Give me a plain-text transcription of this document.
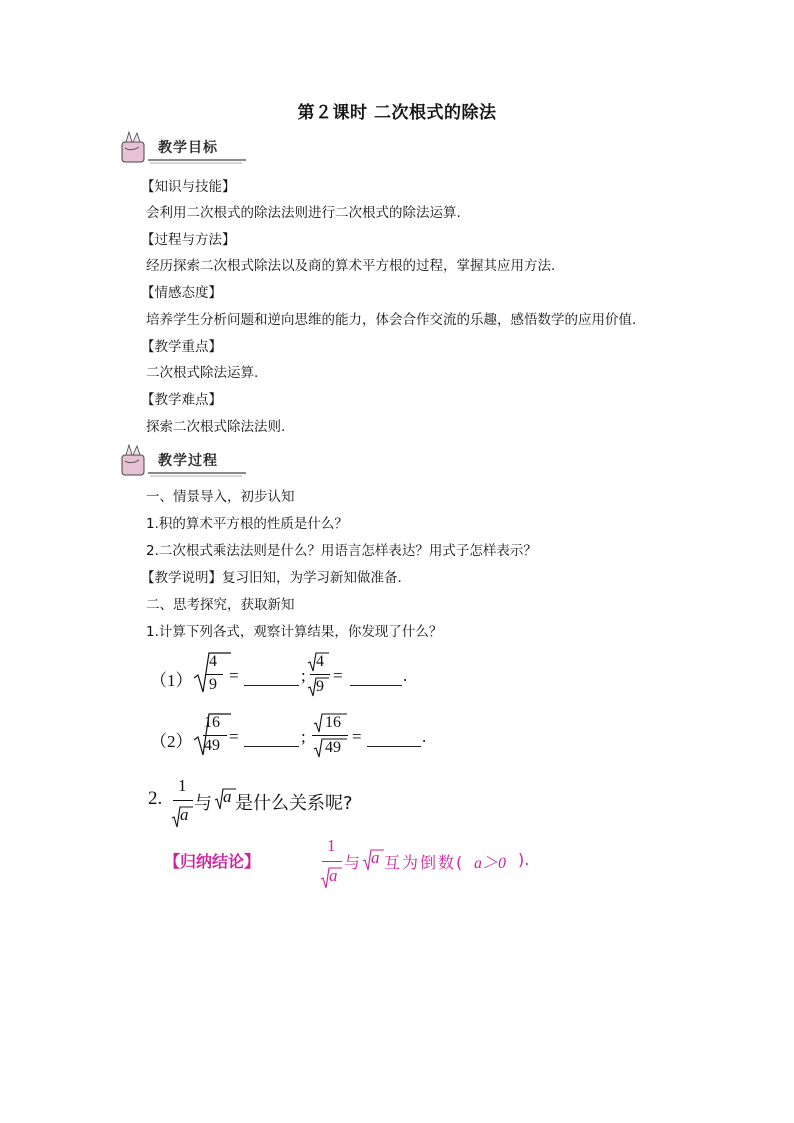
第２课时 二次根式的除法
教学目标
【知识与技能】
会利用二次根式的除法法则进行二次根式的除法运算.
【过程与方法】
经历探索二次根式除法以及商的算术平方根的过程，掌握其应用方法.
【情感态度】
培养学生分析问题和逆向思维的能力，体会合作交流的乐趣，感悟数学的应用价值.
【教学重点】
二次根式除法运算.
【教学难点】
探索二次根式除法法则.
教学过程
一、情景导入，初步认知
1.积的算术平方根的性质是什么？
2.二次根式乘法法则是什么？用语言怎样表达？用式子怎样表示？
【教学说明】复习旧知，为学习新知做准备.
二、思考探究，获取新知
1.计算下列各式，观察计算结果，你发现了什么？
（1）
4
9 =	;
4
9
=	.
（2）
16
49 =	;
16
49
=	.
2.
1
a
与 a 是什么关系呢?
【归纳结论】
1
a
与 a 互为倒数( a＞0 ).
